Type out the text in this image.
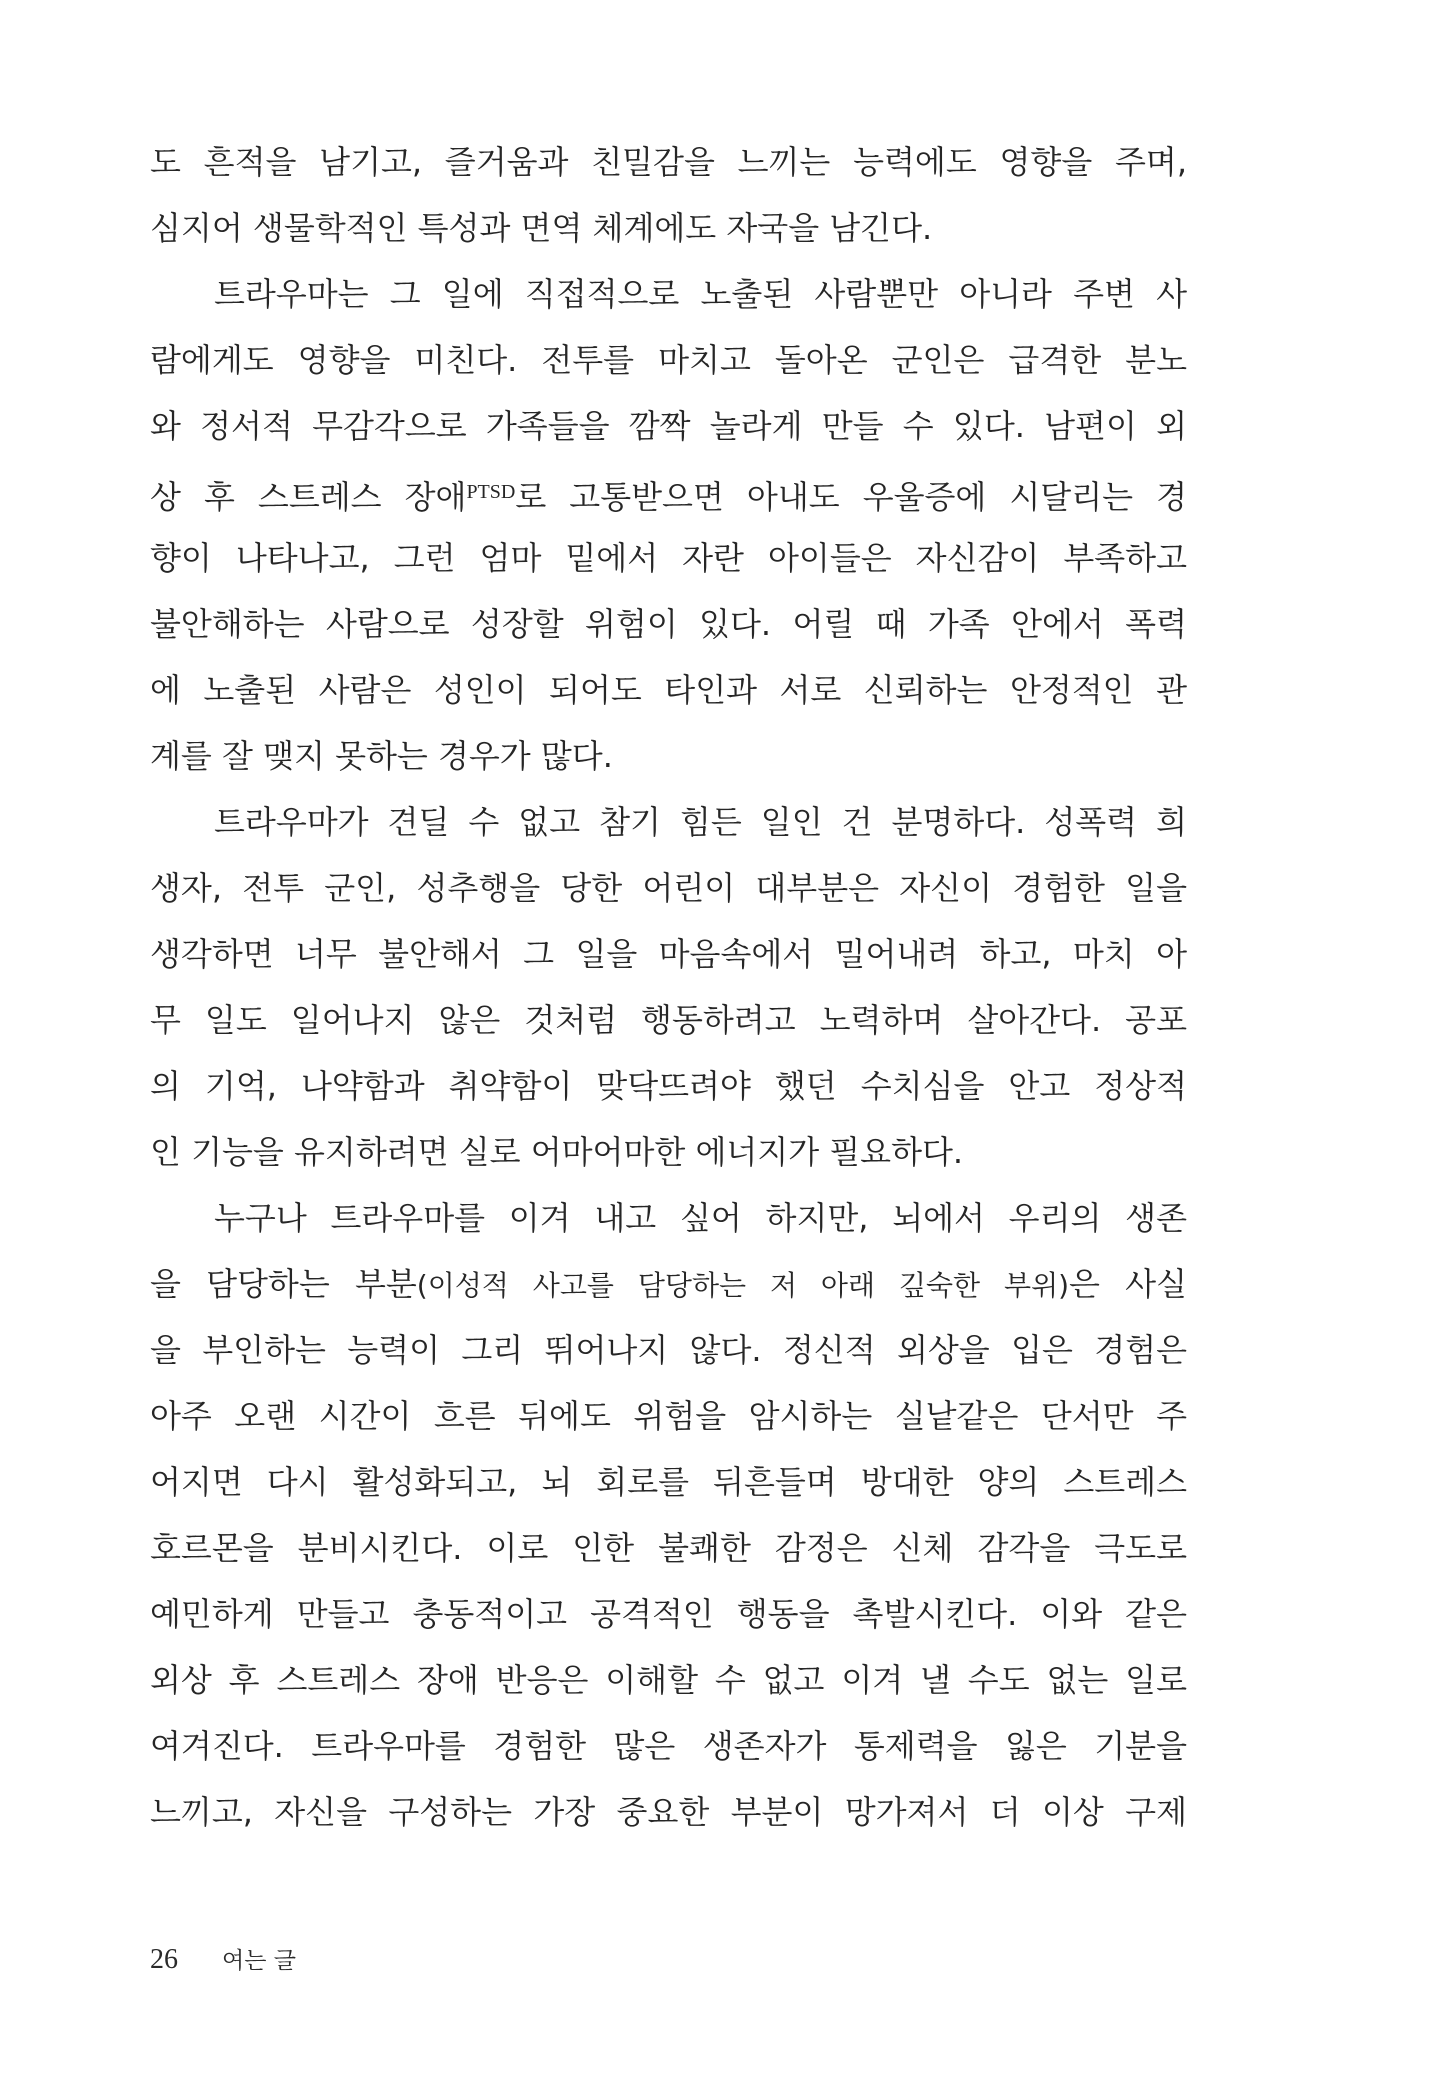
도 흔적을 남기고, 즐거움과 친밀감을 느끼는 능력에도 영향을 주며,
심지어 생물학적인 특성과 면역 체계에도 자국을 남긴다.
트라우마는 그 일에 직접적으로 노출된 사람뿐만 아니라 주변 사
람에게도 영향을 미친다. 전투를 마치고 돌아온 군인은 급격한 분노
와 정서적 무감각으로 가족들을 깜짝 놀라게 만들 수 있다. 남편이 외
상 후 스트레스 장애$^{PTSD}$로 고통받으면 아내도 우울증에 시달리는 경
향이 나타나고, 그런 엄마 밑에서 자란 아이들은 자신감이 부족하고
불안해하는 사람으로 성장할 위험이 있다. 어릴 때 가족 안에서 폭력
에 노출된 사람은 성인이 되어도 타인과 서로 신뢰하는 안정적인 관
계를 잘 맺지 못하는 경우가 많다.
트라우마가 견딜 수 없고 참기 힘든 일인 건 분명하다. 성폭력 희
생자, 전투 군인, 성추행을 당한 어린이 대부분은 자신이 경험한 일을
생각하면 너무 불안해서 그 일을 마음속에서 밀어내려 하고, 마치 아
무 일도 일어나지 않은 것처럼 행동하려고 노력하며 살아간다. 공포
의 기억, 나약함과 취약함이 맞닥뜨려야 했던 수치심을 안고 정상적
인 기능을 유지하려면 실로 어마어마한 에너지가 필요하다.
누구나 트라우마를 이겨 내고 싶어 하지만, 뇌에서 우리의 생존
을 담당하는 부분(이성적 사고를 담당하는 저 아래 깊숙한 부위)은 사실
을 부인하는 능력이 그리 뛰어나지 않다. 정신적 외상을 입은 경험은
아주 오랜 시간이 흐른 뒤에도 위험을 암시하는 실낱같은 단서만 주
어지면 다시 활성화되고, 뇌 회로를 뒤흔들며 방대한 양의 스트레스
호르몬을 분비시킨다. 이로 인한 불쾌한 감정은 신체 감각을 극도로
예민하게 만들고 충동적이고 공격적인 행동을 촉발시킨다. 이와 같은
외상 후 스트레스 장애 반응은 이해할 수 없고 이겨 낼 수도 없는 일로
여겨진다. 트라우마를 경험한 많은 생존자가 통제력을 잃은 기분을
느끼고, 자신을 구성하는 가장 중요한 부분이 망가져서 더 이상 구제
26 여는 글
